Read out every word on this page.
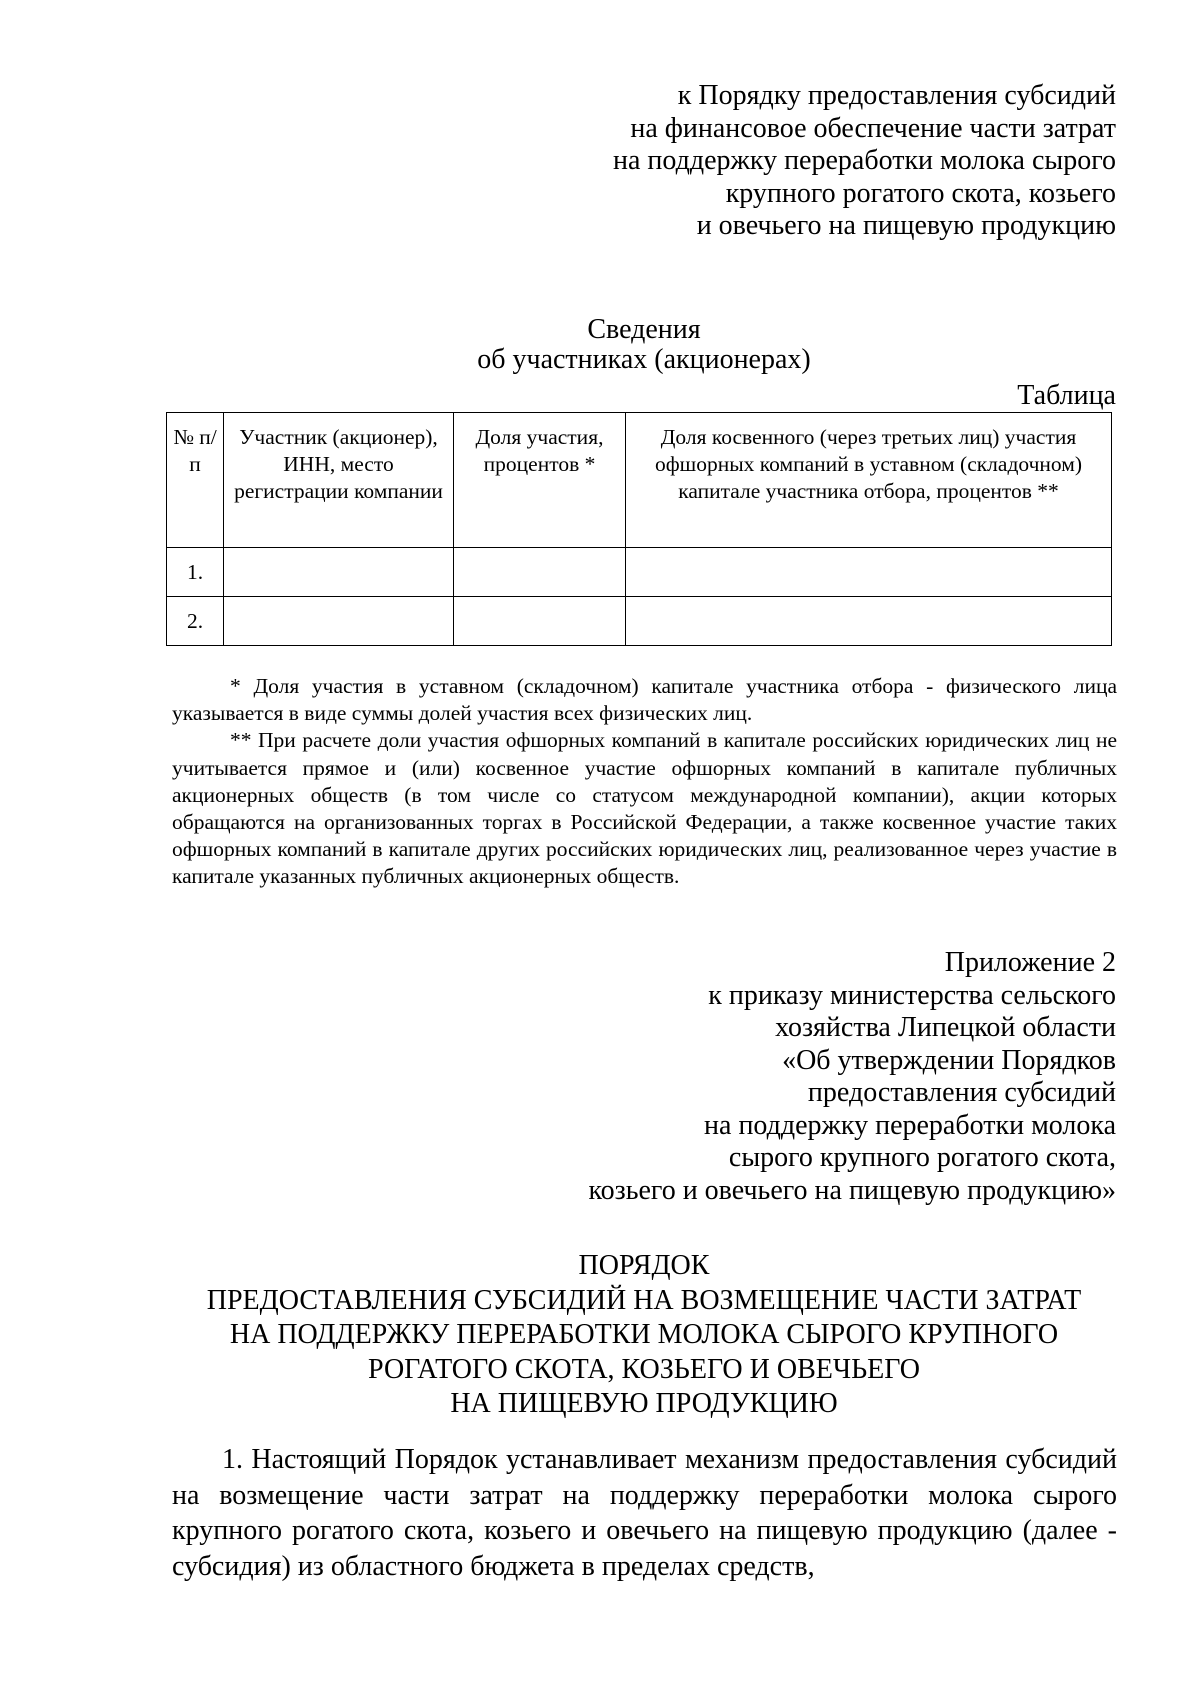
к Порядку предоставления субсидий
на финансовое обеспечение части затрат
на поддержку переработки молока сырого
крупного рогатого скота, козьего
и овечьего на пищевую продукцию
Сведения
об участниках (акционерах)
Таблица
№ п/п	Участник (акционер), ИНН, место регистрации компании	Доля участия, процентов *	Доля косвенного (через третьих лиц) участия офшорных компаний в уставном (складочном) капитале участника отбора, процентов **
1.			
2.			

* Доля участия в уставном (складочном) капитале участника отбора - физического лица указывается в виде суммы долей участия всех физических лиц.

** При расчете доли участия офшорных компаний в капитале российских юридических лиц не учитывается прямое и (или) косвенное участие офшорных компаний в капитале публичных акционерных обществ (в том числе со статусом международной компании), акции которых обращаются на организованных торгах в Российской Федерации, а также косвенное участие таких офшорных компаний в капитале других российских юридических лиц, реализованное через участие в капитале указанных публичных акционерных обществ.

Приложение 2
к приказу министерства сельского
хозяйства Липецкой области
«Об утверждении Порядков
предоставления субсидий
на поддержку переработки молока
сырого крупного рогатого скота,
козьего и овечьего на пищевую продукцию»
ПОРЯДОК
ПРЕДОСТАВЛЕНИЯ СУБСИДИЙ НА ВОЗМЕЩЕНИЕ ЧАСТИ ЗАТРАТ
НА ПОДДЕРЖКУ ПЕРЕРАБОТКИ МОЛОКА СЫРОГО КРУПНОГО
РОГАТОГО СКОТА, КОЗЬЕГО И ОВЕЧЬЕГО
НА ПИЩЕВУЮ ПРОДУКЦИЮ

1. Настоящий Порядок устанавливает механизм предоставления субсидий на возмещение части затрат на поддержку переработки молока сырого крупного рогатого скота, козьего и овечьего на пищевую продукцию (далее - субсидия) из областного бюджета в пределах средств,
